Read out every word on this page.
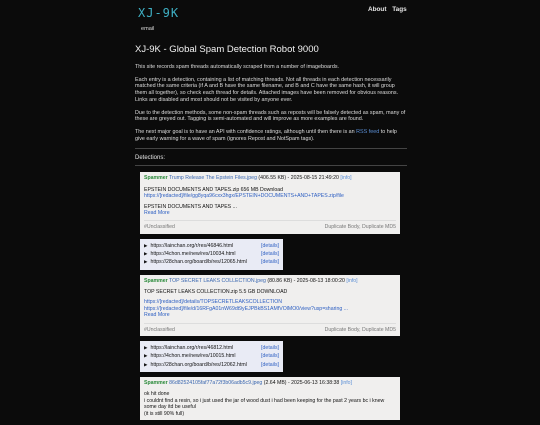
XJ-9K
email
About Tags
XJ-9K - Global Spam Detection Robot 9000

This site records spam threads automatically scraped from a number of imageboards.

Each entry is a detection, containing a list of matching threads. Not all threads in each detection necessarily matched the same criteria (if A and B have the same filename, and B and C have the same hash, it will group them all together), so check each thread for details. Attached images have been removed for obvious reasons. Links are disabled and most should not be visited by anyone ever.

Due to the detection methods, some non-spam threads such as reposts will be falsely detected as spam, many of these are greyed out. Tagging is semi-automated and will improve as more examples are found.

The next major goal is to have an API with confidence ratings, although until then there is an RSS feed to help give early warning for a wave of spam (ignores Repost and NotSpam tags).

Detections:
Spammer Trump Release The Epstein Files.jpeg (406.55 KB) - 2025-08-15 21:49:20 [info]
EPSTEIN DOCUMENTS AND TAPES.zip 656 MB Download
https://[redacted]/file/gg8yqa96cxx3hgx/EPSTEIN+DOCUMENTS+AND+TAPES.zip/file
EPSTEIN DOCUMENTS AND TAPES ...
Read More
#Unclassified	Duplicate Body, Duplicate MD5
▶ https://lainchan.org/r/res/46846.html	[details]
▶ https://4chon.me/new/res/10034.html	[details]
▶ https://28chan.org/board/b/res/12065.html	[details]
Spammer TOP SECRET LEAKS COLLECTION.jpeg (80.86 KB) - 2025-08-13 18:00:20 [info]
TOP SECRET LEAKS COLLECTION.zip 5.5 GB DOWNLOAD
https://[redacted]/details/TOPSECRETLEAKSCOLLECTION
https://[redacted]/file/d/16RFgA01nW69dt9yEJPBkBS1AMfVOlMO0/view?usp=sharing ...
Read More
#Unclassified	Duplicate Body, Duplicate MD5
▶ https://lainchan.org/r/res/46812.html	[details]
▶ https://4chon.me/new/res/10015.html	[details]
▶ https://28chan.org/board/b/res/12062.html	[details]
Spammer 86d82524105faf77a72f3b06adb5c9.jpeg (2.64 MB) - 2025-06-13 16:38:38 [info]
ok hit done
i couldnt find a resin, so i just used the jar of wood dust i had been keeping for the past 2 years bc i knew some day itd be useful
(it is still 90% full)
